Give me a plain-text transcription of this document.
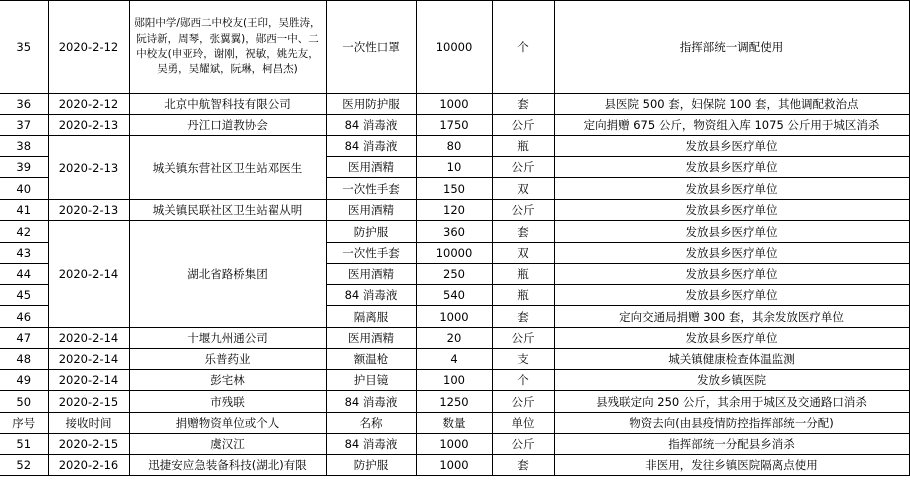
35	2020-2-12	郧阳中学/郧西二中校友(王印，吴胜涛，阮诗新，周琴，张翼翼)，郧西一中、二中校友(申亚玲，谢刚，祝敏，姚先友，吴勇，吴耀斌，阮琳，柯昌杰)	一次性口罩	10000	个	指挥部统一调配使用
36	2020-2-12	北京中航智科技有限公司	医用防护服	1000	套	县医院 500 套，妇保院 100 套，其他调配救治点
37	2020-2-13	丹江口道教协会	84 消毒液	1750	公斤	定向捐赠 675 公斤，物资组入库 1075 公斤用于城区消杀
38	2020-2-13	城关镇东营社区卫生站邓医生	84 消毒液	80	瓶	发放县乡医疗单位
39			医用酒精	10	公斤	发放县乡医疗单位
40			一次性手套	150	双	发放县乡医疗单位
41	2020-2-13	城关镇民联社区卫生站翟从明	医用酒精	120	公斤	发放县乡医疗单位
42	2020-2-14	湖北省路桥集团	防护服	360	套	发放县乡医疗单位
43			一次性手套	10000	双	发放县乡医疗单位
44			医用酒精	250	瓶	发放县乡医疗单位
45			84 消毒液	540	瓶	发放县乡医疗单位
46			隔离服	1000	套	定向交通局捐赠 300 套，其余发放医疗单位
47	2020-2-14	十堰九州通公司	医用酒精	20	公斤	发放县乡医疗单位
48	2020-2-14	乐普药业	额温枪	4	支	城关镇健康检查体温监测
49	2020-2-14	彭宅林	护目镜	100	个	发放乡镇医院
50	2020-2-15	市残联	84 消毒液	1250	公斤	县残联定向 250 公斤，其余用于城区及交通路口消杀
序号	接收时间	捐赠物资单位或个人	名称	数量	单位	物资去向(由县疫情防控指挥部统一分配)
51	2020-2-15	虞汉江	84 消毒液	1000	公斤	指挥部统一分配县乡消杀
52	2020-2-16	迅捷安应急装备科技(湖北)有限	防护服	1000	套	非医用，发往乡镇医院隔离点使用
